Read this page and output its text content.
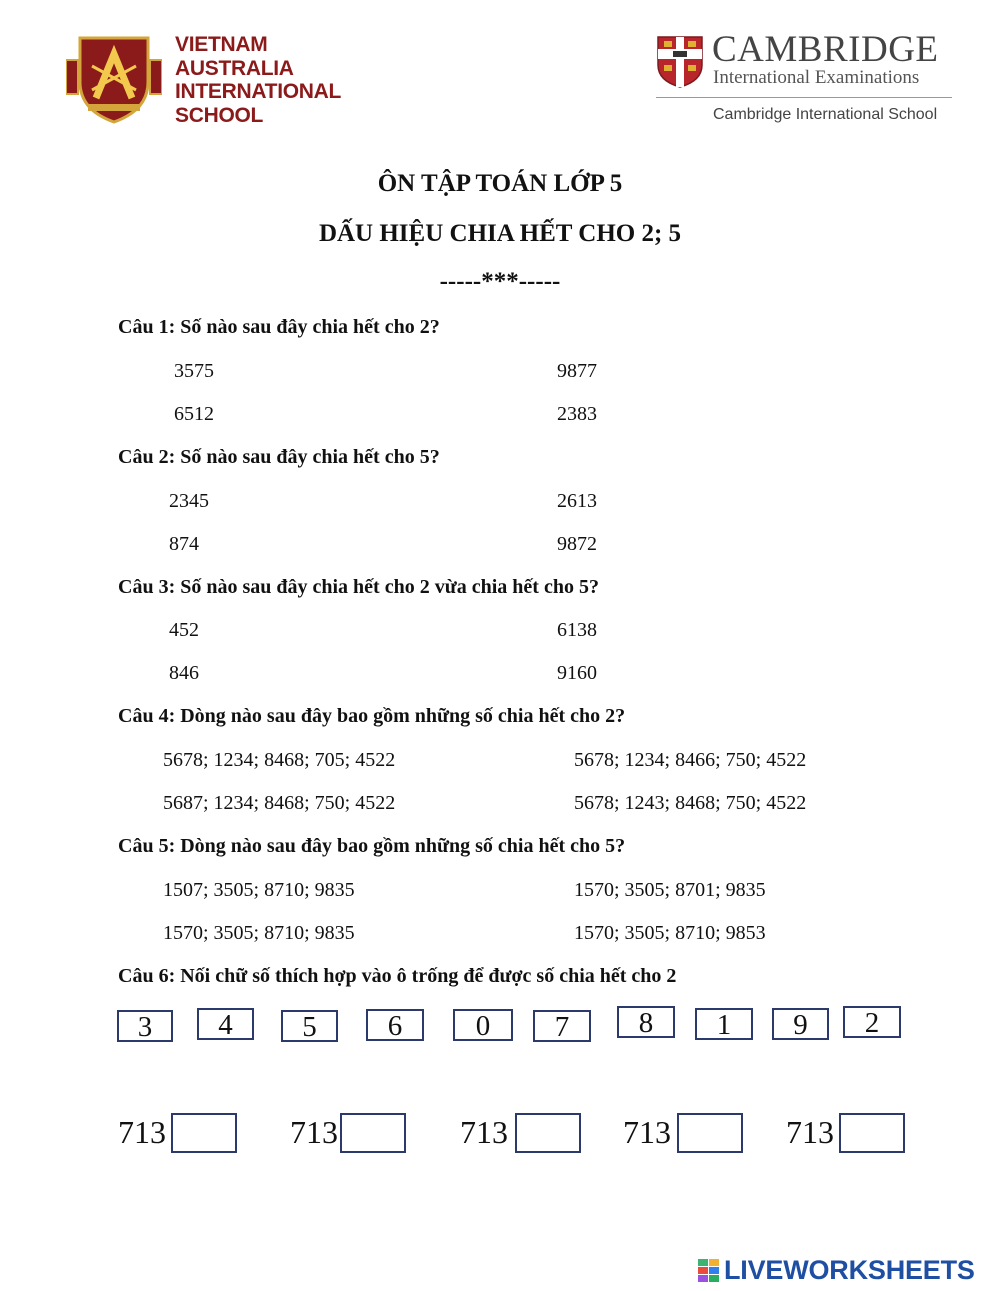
VIETNAM
AUSTRALIA
INTERNATIONAL
SCHOOL
CAMBRIDGE
International Examinations
Cambridge International School
ÔN TẬP TOÁN LỚP 5
DẤU HIỆU CHIA HẾT CHO 2; 5
-----***-----
Câu 1: Số nào sau đây chia hết cho 2?
3575	9877
6512	2383
Câu 2: Số nào sau đây chia hết cho 5?
2345	2613
874	9872
Câu 3: Số nào sau đây chia hết cho 2 vừa chia hết cho 5?
452	6138
846	9160
Câu 4: Dòng nào sau đây bao gồm những số chia hết cho 2?
5678; 1234; 8468; 705; 4522	5678; 1234; 8466; 750; 4522
5687; 1234; 8468; 750; 4522	5678; 1243; 8468; 750; 4522
Câu 5: Dòng nào sau đây bao gồm những số chia hết cho 5?
1507; 3505; 8710; 9835	1570; 3505; 8701; 9835
1570; 3505; 8710; 9835	1570; 3505; 8710; 9853
Câu 6: Nối chữ số thích hợp vào ô trống để được số chia hết cho 2
3	4	5	6	0	7	8	1	9	2
713	713	713	713	713
LIVEWORKSHEETS
